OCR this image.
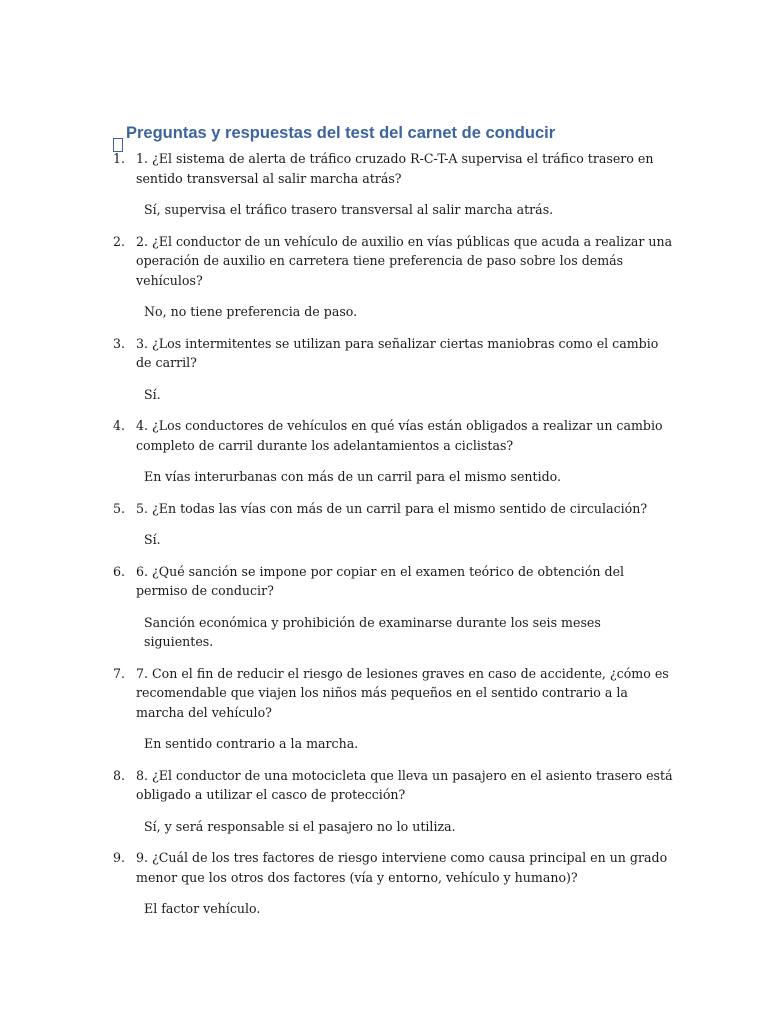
Preguntas y respuestas del test del carnet de conducir
1. 1. ¿El sistema de alerta de tráfico cruzado R-C-T-A supervisa el tráfico trasero en sentido transversal al salir marcha atrás?

Sí, supervisa el tráfico trasero transversal al salir marcha atrás.

2. 2. ¿El conductor de un vehículo de auxilio en vías públicas que acuda a realizar una operación de auxilio en carretera tiene preferencia de paso sobre los demás vehículos?

No, no tiene preferencia de paso.

3. 3. ¿Los intermitentes se utilizan para señalizar ciertas maniobras como el cambio de carril?

Sí.

4. 4. ¿Los conductores de vehículos en qué vías están obligados a realizar un cambio completo de carril durante los adelantamientos a ciclistas?

En vías interurbanas con más de un carril para el mismo sentido.

5. 5. ¿En todas las vías con más de un carril para el mismo sentido de circulación?

Sí.

6. 6. ¿Qué sanción se impone por copiar en el examen teórico de obtención del permiso de conducir?

Sanción económica y prohibición de examinarse durante los seis meses siguientes.

7. 7. Con el fin de reducir el riesgo de lesiones graves en caso de accidente, ¿cómo es recomendable que viajen los niños más pequeños en el sentido contrario a la marcha del vehículo?

En sentido contrario a la marcha.

8. 8. ¿El conductor de una motocicleta que lleva un pasajero en el asiento trasero está obligado a utilizar el casco de protección?

Sí, y será responsable si el pasajero no lo utiliza.

9. 9. ¿Cuál de los tres factores de riesgo interviene como causa principal en un grado menor que los otros dos factores (vía y entorno, vehículo y humano)?

El factor vehículo.
